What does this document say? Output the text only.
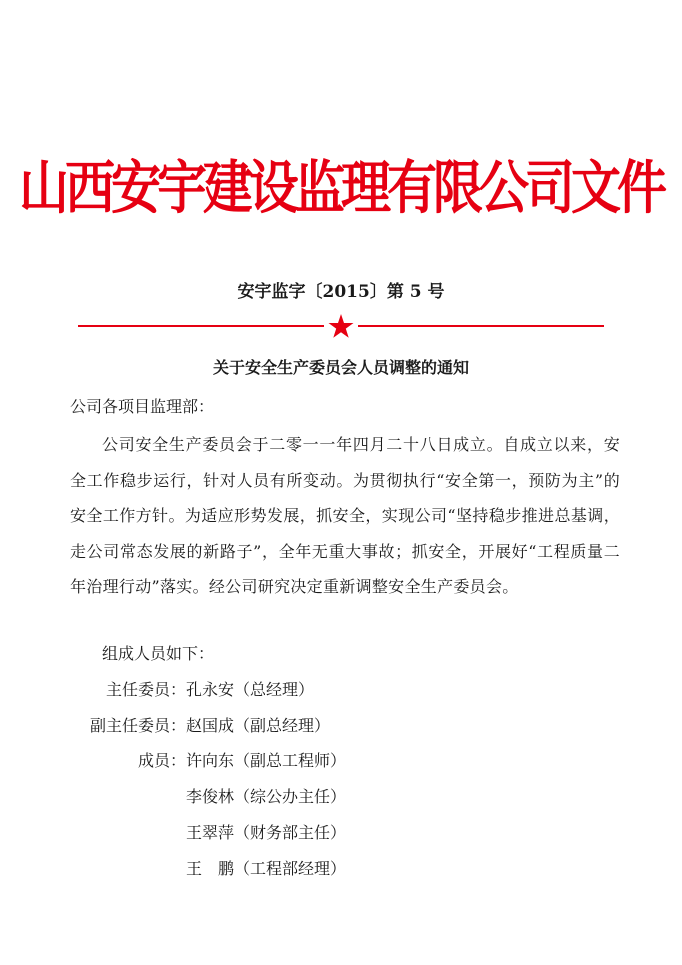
山西安宇建设监理有限公司文件
安宇监字〔2015〕第 5 号
关于安全生产委员会人员调整的通知
公司各项目监理部：
公司安全生产委员会于二零一一年四月二十八日成立。自成立以来，安全工作稳步运行，针对人员有所变动。为贯彻执行“安全第一，预防为主”的安全工作方针。为适应形势发展，抓安全，实现公司“坚持稳步推进总基调，走公司常态发展的新路子”，全年无重大事故；抓安全，开展好“工程质量二年治理行动”落实。经公司研究决定重新调整安全生产委员会。
组成人员如下：
主任委员： 孔永安（总经理）
副主任委员： 赵国成（副总经理）
成员： 许向东（副总工程师）
李俊林（综公办主任）
王翠萍（财务部主任）
王　鹏（工程部经理）
